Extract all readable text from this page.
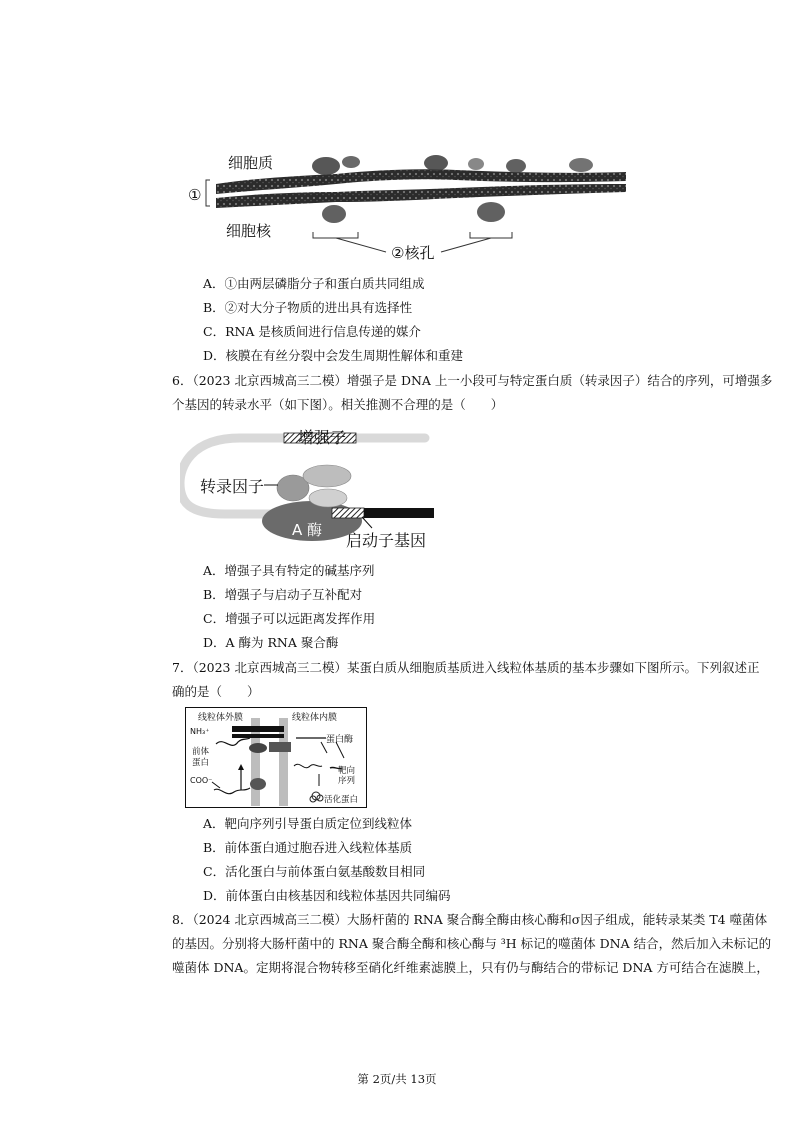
细胞质
细胞核
①
②核孔
A．①由两层磷脂分子和蛋白质共同组成
B．②对大分子物质的进出具有选择性
C．RNA 是核质间进行信息传递的媒介
D．核膜在有丝分裂中会发生周期性解体和重建
6．（2023 北京西城高三二模）增强子是 DNA 上一小段可与特定蛋白质（转录因子）结合的序列，可增强多
个基因的转录水平（如下图）。相关推测不合理的是（　　）
增强子
转录因子
A 酶
启动子基因
A．增强子具有特定的碱基序列
B．增强子与启动子互补配对
C．增强子可以远距离发挥作用
D．A 酶为 RNA 聚合酶
7．（2023 北京西城高三二模）某蛋白质从细胞质基质进入线粒体基质的基本步骤如下图所示。下列叙述正
确的是（　　）
线粒体外膜	线粒体内膜
NH₃⁺
前体
蛋白
COO⁻
蛋白酶
靶向
序列
活化蛋白
A．靶向序列引导蛋白质定位到线粒体
B．前体蛋白通过胞吞进入线粒体基质
C．活化蛋白与前体蛋白氨基酸数目相同
D．前体蛋白由核基因和线粒体基因共同编码
8．（2024 北京西城高三二模）大肠杆菌的 RNA 聚合酶全酶由核心酶和σ因子组成，能转录某类 T4 噬菌体
的基因。分别将大肠杆菌中的 RNA 聚合酶全酶和核心酶与 ³H 标记的噬菌体 DNA 结合，然后加入未标记的
噬菌体 DNA。定期将混合物转移至硝化纤维素滤膜上，只有仍与酶结合的带标记 DNA 方可结合在滤膜上，
第 2页/共 13页
